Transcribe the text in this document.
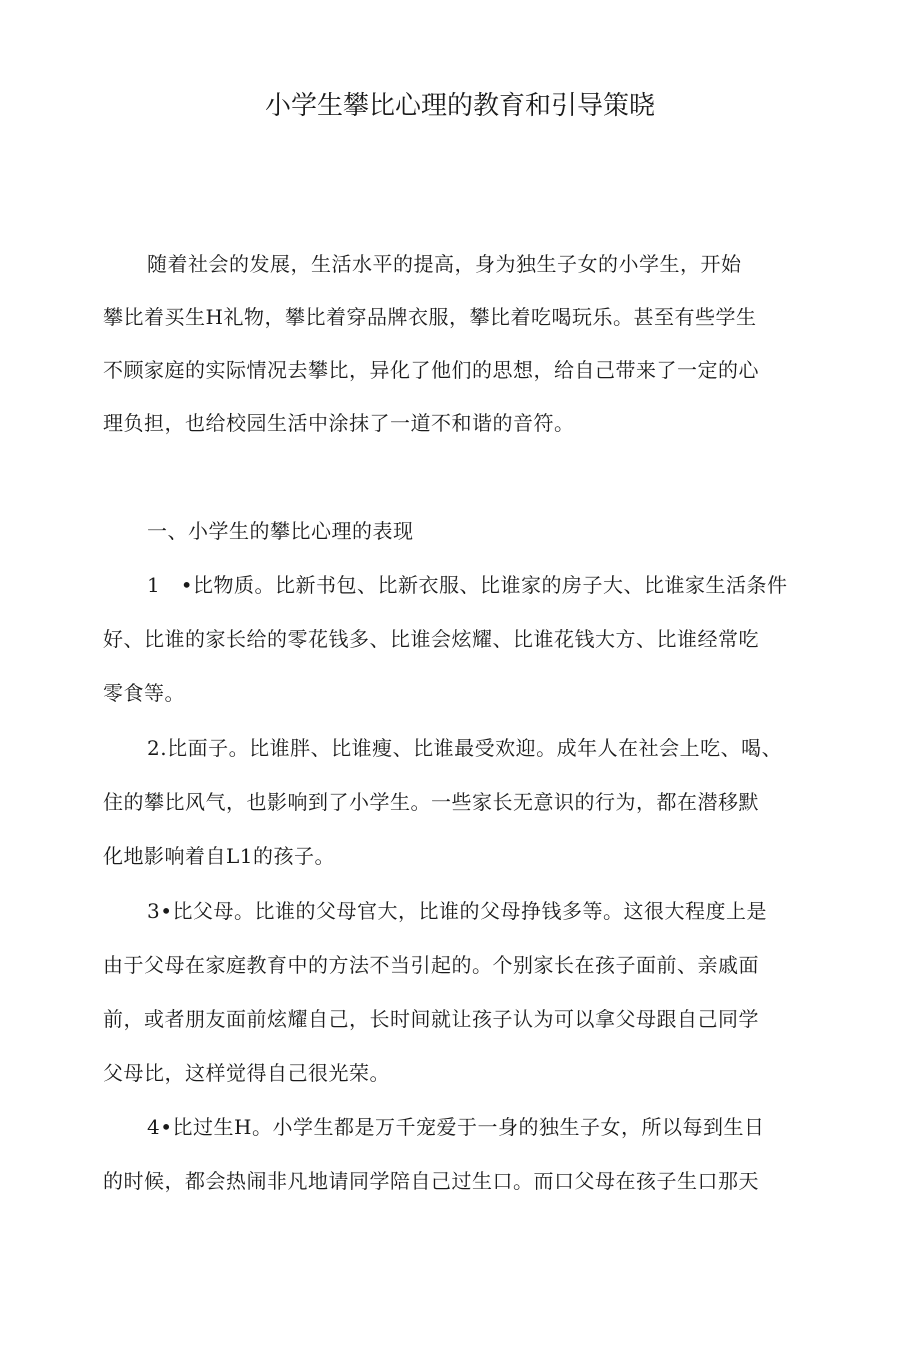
小学生攀比心理的教育和引导策晓
随着社会的发展，生活水平的提高，身为独生子女的小学生，开始
攀比着买生H礼物，攀比着穿品牌衣服，攀比着吃喝玩乐。甚至有些学生
不顾家庭的实际情况去攀比，异化了他们的思想，给自己带来了一定的心
理负担，也给校园生活中涂抹了一道不和谐的音符。
一、小学生的攀比心理的表现
1　•比物质。比新书包、比新衣服、比谁家的房子大、比谁家生活条件
好、比谁的家长给的零花钱多、比谁会炫耀、比谁花钱大方、比谁经常吃
零食等。
2.比面子。比谁胖、比谁瘦、比谁最受欢迎。成年人在社会上吃、喝、
住的攀比风气，也影响到了小学生。一些家长无意识的行为，都在潜移默
化地影响着自L1的孩子。
3•比父母。比谁的父母官大，比谁的父母挣钱多等。这很大程度上是
由于父母在家庭教育中的方法不当引起的。个别家长在孩子面前、亲戚面
前，或者朋友面前炫耀自己，长时间就让孩子认为可以拿父母跟自己同学
父母比，这样觉得自己很光荣。
4•比过生H。小学生都是万千宠爱于一身的独生子女，所以每到生日
的时候，都会热闹非凡地请同学陪自己过生口。而口父母在孩子生口那天
